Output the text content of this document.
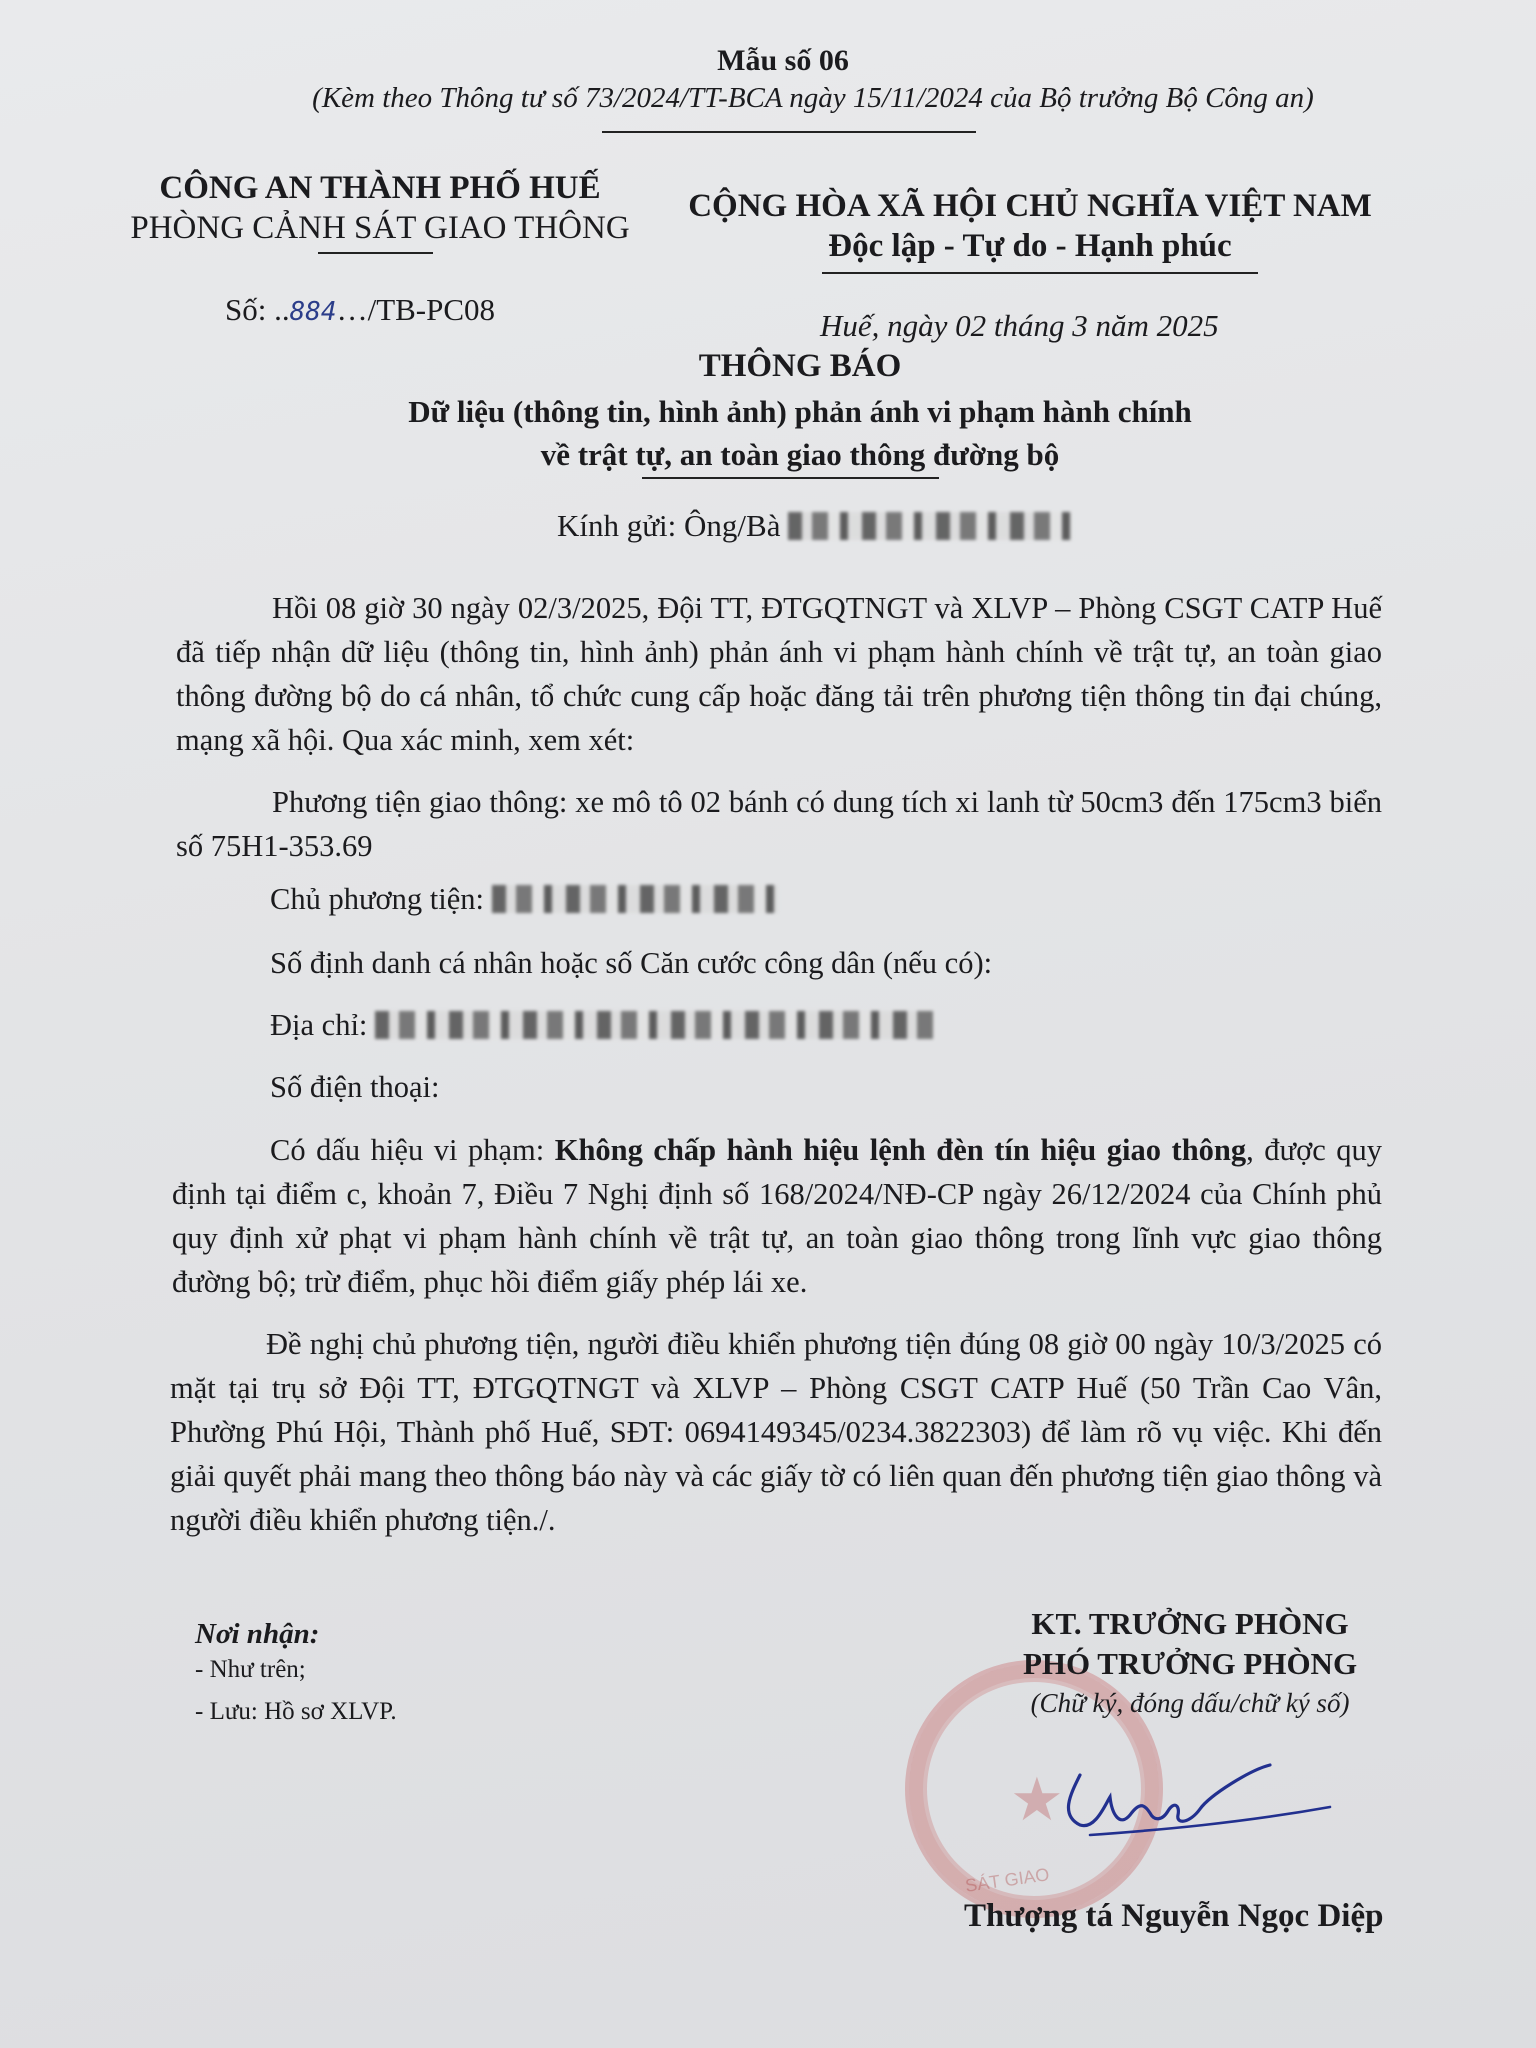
Mẫu số 06
(Kèm theo Thông tư số 73/2024/TT-BCA ngày 15/11/2024 của Bộ trưởng Bộ Công an)
CÔNG AN THÀNH PHỐ HUẾ
PHÒNG CẢNH SÁT GIAO THÔNG
Số: ..884…/TB-PC08
CỘNG HÒA XÃ HỘI CHỦ NGHĨA VIỆT NAM
Độc lập - Tự do - Hạnh phúc
Huế, ngày 02 tháng 3 năm 2025
THÔNG BÁO
Dữ liệu (thông tin, hình ảnh) phản ánh vi phạm hành chính
về trật tự, an toàn giao thông đường bộ
Kính gửi: Ông/Bà
Hồi 08 giờ 30 ngày 02/3/2025, Đội TT, ĐTGQTNGT và XLVP – Phòng CSGT CATP Huế đã tiếp nhận dữ liệu (thông tin, hình ảnh) phản ánh vi phạm hành chính về trật tự, an toàn giao thông đường bộ do cá nhân, tổ chức cung cấp hoặc đăng tải trên phương tiện thông tin đại chúng, mạng xã hội. Qua xác minh, xem xét:
Phương tiện giao thông: xe mô tô 02 bánh có dung tích xi lanh từ 50cm3 đến 175cm3 biển số 75H1-353.69
Chủ phương tiện:
Số định danh cá nhân hoặc số Căn cước công dân (nếu có):
Địa chỉ:
Số điện thoại:
Có dấu hiệu vi phạm: Không chấp hành hiệu lệnh đèn tín hiệu giao thông, được quy định tại điểm c, khoản 7, Điều 7 Nghị định số 168/2024/NĐ-CP ngày 26/12/2024 của Chính phủ quy định xử phạt vi phạm hành chính về trật tự, an toàn giao thông trong lĩnh vực giao thông đường bộ; trừ điểm, phục hồi điểm giấy phép lái xe.
Đề nghị chủ phương tiện, người điều khiển phương tiện đúng 08 giờ 00 ngày 10/3/2025 có mặt tại trụ sở Đội TT, ĐTGQTNGT và XLVP – Phòng CSGT CATP Huế (50 Trần Cao Vân, Phường Phú Hội, Thành phố Huế, SĐT: 0694149345/0234.3822303) để làm rõ vụ việc. Khi đến giải quyết phải mang theo thông báo này và các giấy tờ có liên quan đến phương tiện giao thông và người điều khiển phương tiện./.
Nơi nhận:
- Như trên;
- Lưu: Hồ sơ XLVP.
★
SÁT GIAO
KT. TRƯỞNG PHÒNG
PHÓ TRƯỞNG PHÒNG
(Chữ ký, đóng dấu/chữ ký số)
Thượng tá Nguyễn Ngọc Diệp
